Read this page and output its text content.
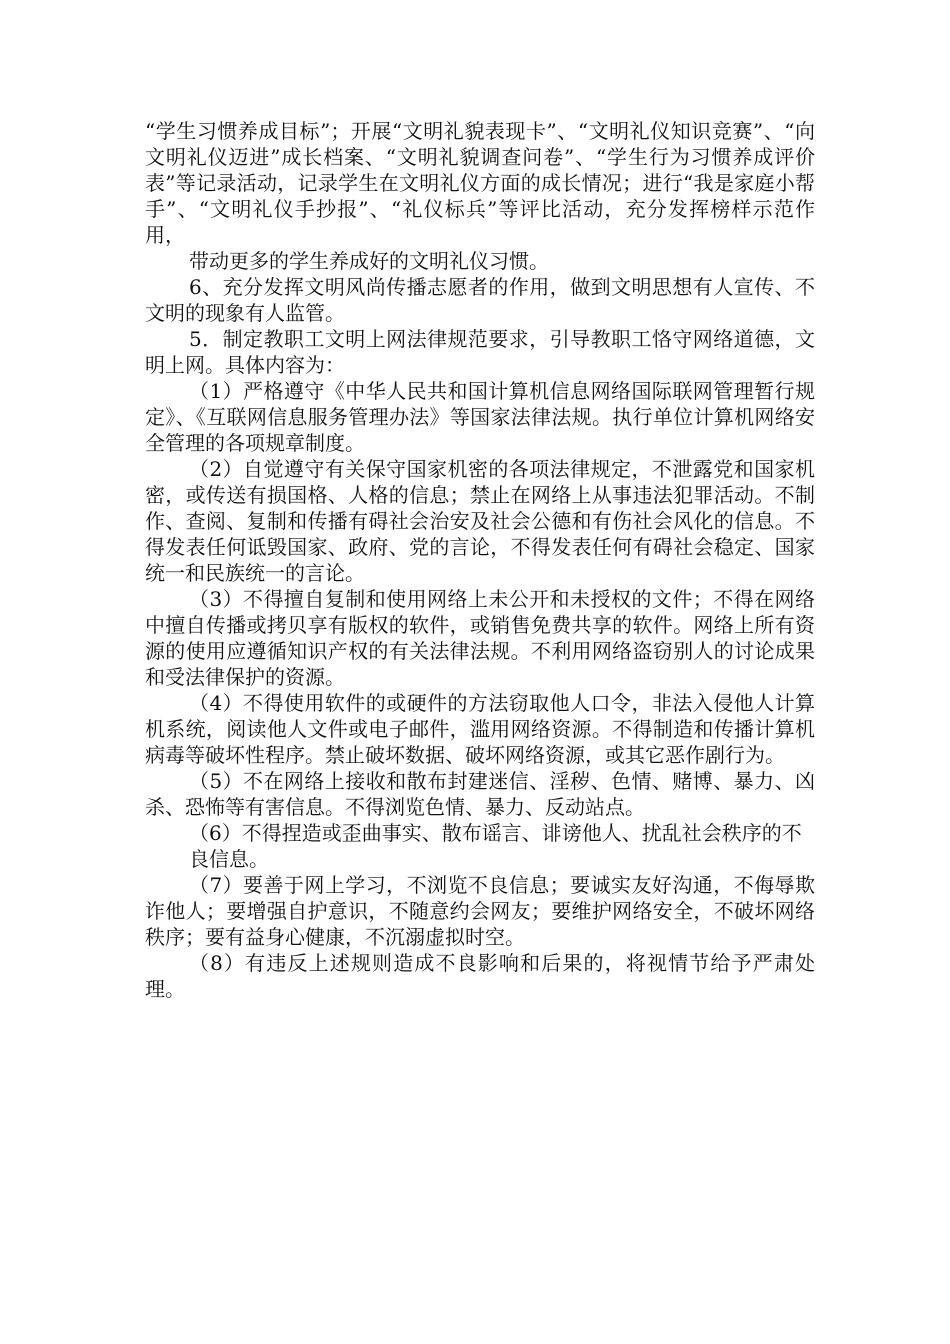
“学生习惯养成目标”；开展“文明礼貌表现卡”、“文明礼仪知识竞赛”、“向文明礼仪迈进”成长档案、“文明礼貌调查问卷”、“学生行为习惯养成评价表”等记录活动，记录学生在文明礼仪方面的成长情况；进行“我是家庭小帮手”、“文明礼仪手抄报”、“礼仪标兵”等评比活动，充分发挥榜样示范作用，

带动更多的学生养成好的文明礼仪习惯。

6、充分发挥文明风尚传播志愿者的作用，做到文明思想有人宣传、不文明的现象有人监管。

5．制定教职工文明上网法律规范要求，引导教职工恪守网络道德，文明上网。具体内容为：

（1）严格遵守《中华人民共和国计算机信息网络国际联网管理暂行规定》、《互联网信息服务管理办法》等国家法律法规。执行单位计算机网络安全管理的各项规章制度。

（2）自觉遵守有关保守国家机密的各项法律规定，不泄露党和国家机密，或传送有损国格、人格的信息；禁止在网络上从事违法犯罪活动。不制作、查阅、复制和传播有碍社会治安及社会公德和有伤社会风化的信息。不得发表任何诋毁国家、政府、党的言论，不得发表任何有碍社会稳定、国家统一和民族统一的言论。

（3）不得擅自复制和使用网络上未公开和未授权的文件；不得在网络中擅自传播或拷贝享有版权的软件，或销售免费共享的软件。网络上所有资源的使用应遵循知识产权的有关法律法规。不利用网络盗窃别人的讨论成果和受法律保护的资源。

（4）不得使用软件的或硬件的方法窃取他人口令，非法入侵他人计算机系统，阅读他人文件或电子邮件，滥用网络资源。不得制造和传播计算机病毒等破坏性程序。禁止破坏数据、破坏网络资源，或其它恶作剧行为。

（5）不在网络上接收和散布封建迷信、淫秽、色情、赌博、暴力、凶杀、恐怖等有害信息。不得浏览色情、暴力、反动站点。

（6）不得捏造或歪曲事实、散布谣言、诽谤他人、扰乱社会秩序的不

良信息。

（7）要善于网上学习，不浏览不良信息；要诚实友好沟通，不侮辱欺诈他人；要增强自护意识，不随意约会网友；要维护网络安全，不破坏网络秩序；要有益身心健康，不沉溺虚拟时空。

（8）有违反上述规则造成不良影响和后果的，将视情节给予严肃处理。
